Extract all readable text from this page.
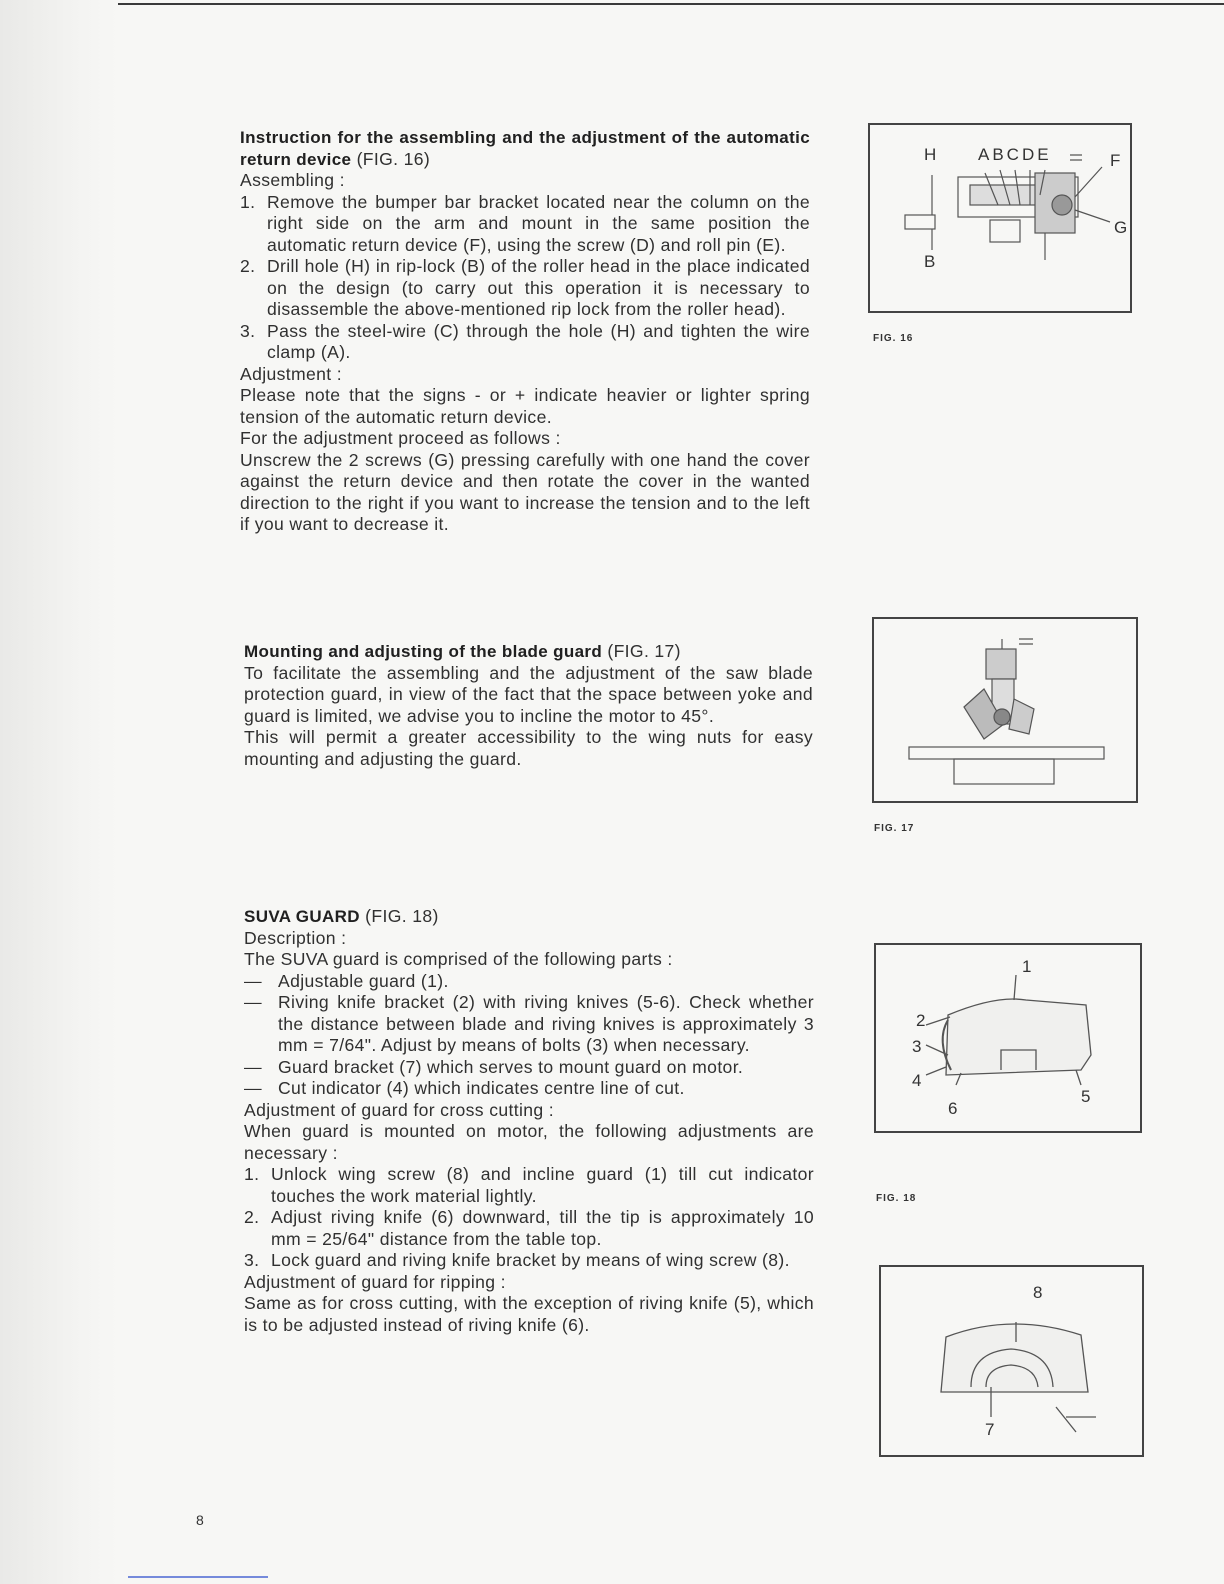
Instruction for the assembling and the adjustment of the automatic return device (FIG. 16)

Assembling :

1. Remove the bumper bar bracket located near the column on the right side on the arm and mount in the same position the automatic return device (F), using the screw (D) and roll pin (E).
2. Drill hole (H) in rip-lock (B) of the roller head in the place indicated on the design (to carry out this operation it is necessary to disassemble the above-mentioned rip lock from the roller head).
3. Pass the steel-wire (C) through the hole (H) and tighten the wire clamp (A).

Adjustment :

Please note that the signs - or + indicate heavier or lighter spring tension of the automatic return device.

For the adjustment proceed as follows :

Unscrew the 2 screws (G) pressing carefully with one hand the cover against the return device and then rotate the cover in the wanted direction to the right if you want to increase the tension and to the left if you want to decrease it.

Mounting and adjusting of the blade guard (FIG. 17)

To facilitate the assembling and the adjustment of the saw blade protection guard, in view of the fact that the space between yoke and guard is limited, we advise you to incline the motor to 45°.

This will permit a greater accessibility to the wing nuts for easy mounting and adjusting the guard.

SUVA GUARD (FIG. 18)

Description :

The SUVA guard is comprised of the following parts :

— Adjustable guard (1).
— Riving knife bracket (2) with riving knives (5-6). Check whether the distance between blade and riving knives is approximately 3 mm = 7/64". Adjust by means of bolts (3) when necessary.
— Guard bracket (7) which serves to mount guard on motor.
— Cut indicator (4) which indicates centre line of cut.

Adjustment of guard for cross cutting :

When guard is mounted on motor, the following adjustments are necessary :

1. Unlock wing screw (8) and incline guard (1) till cut indicator touches the work material lightly.
2. Adjust riving knife (6) downward, till the tip is approximately 10 mm = 25/64" distance from the table top.
3. Lock guard and riving knife bracket by means of wing screw (8).

Adjustment of guard for ripping :

Same as for cross cutting, with the exception of riving knife (5), which is to be adjusted instead of riving knife (6).

H ABCDE	F
G
B
FIG. 16
FIG. 17
1
2
3
4
6
5
FIG. 18
8
7
8
